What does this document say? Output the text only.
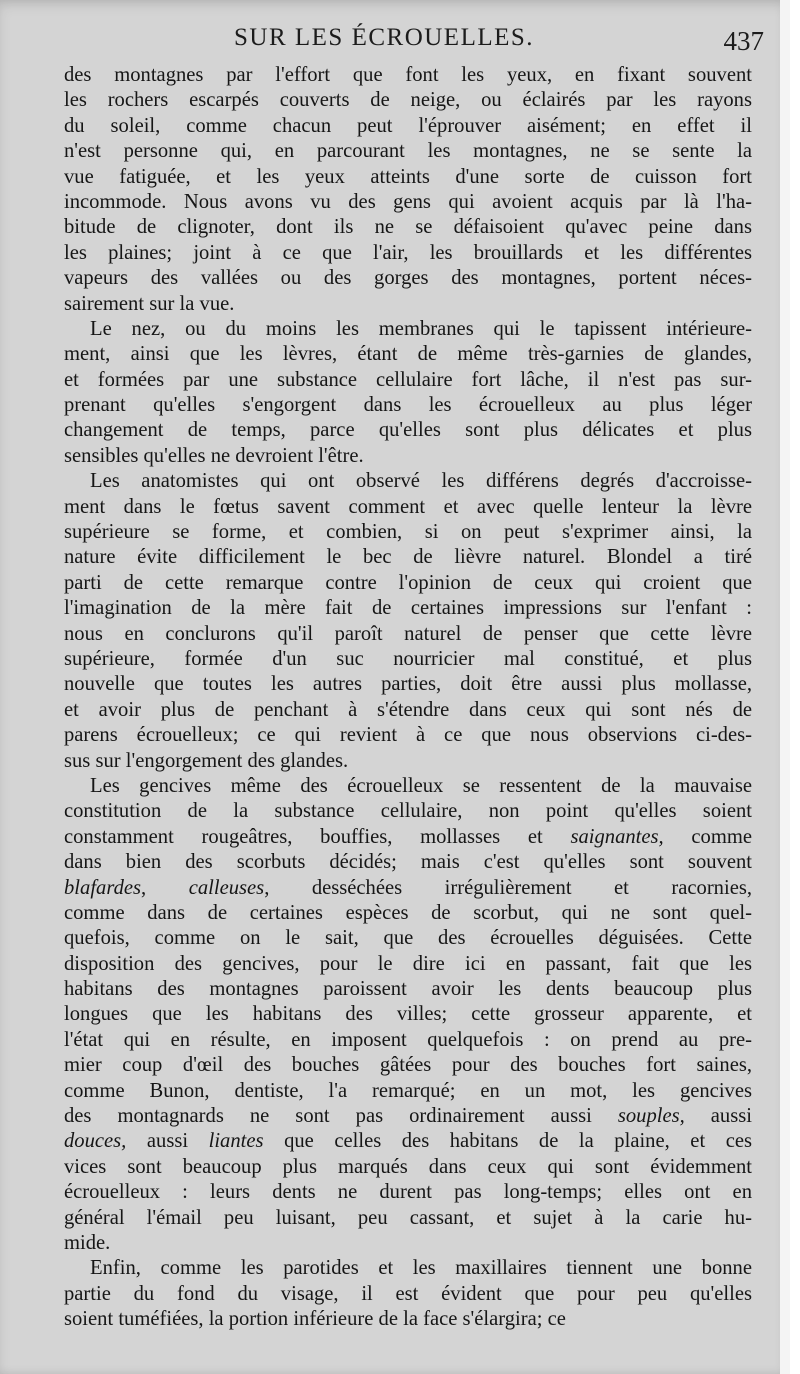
SUR LES ÉCROUELLES.	437
des montagnes par l'effort que font les yeux, en fixant souvent
les rochers escarpés couverts de neige, ou éclairés par les rayons
du soleil, comme chacun peut l'éprouver aisément; en effet il
n'est personne qui, en parcourant les montagnes, ne se sente la
vue fatiguée, et les yeux atteints d'une sorte de cuisson fort
incommode. Nous avons vu des gens qui avoient acquis par là l'ha-
bitude de clignoter, dont ils ne se défaisoient qu'avec peine dans
les plaines; joint à ce que l'air, les brouillards et les différentes
vapeurs des vallées ou des gorges des montagnes, portent néces-
sairement sur la vue.
Le nez, ou du moins les membranes qui le tapissent intérieure-
ment, ainsi que les lèvres, étant de même très-garnies de glandes,
et formées par une substance cellulaire fort lâche, il n'est pas sur-
prenant qu'elles s'engorgent dans les écrouelleux au plus léger
changement de temps, parce qu'elles sont plus délicates et plus
sensibles qu'elles ne devroient l'être.
Les anatomistes qui ont observé les différens degrés d'accroisse-
ment dans le fœtus savent comment et avec quelle lenteur la lèvre
supérieure se forme, et combien, si on peut s'exprimer ainsi, la
nature évite difficilement le bec de lièvre naturel. Blondel a tiré
parti de cette remarque contre l'opinion de ceux qui croient que
l'imagination de la mère fait de certaines impressions sur l'enfant :
nous en conclurons qu'il paroît naturel de penser que cette lèvre
supérieure, formée d'un suc nourricier mal constitué, et plus
nouvelle que toutes les autres parties, doit être aussi plus mollasse,
et avoir plus de penchant à s'étendre dans ceux qui sont nés de
parens écrouelleux; ce qui revient à ce que nous observions ci-des-
sus sur l'engorgement des glandes.
Les gencives même des écrouelleux se ressentent de la mauvaise
constitution de la substance cellulaire, non point qu'elles soient
constamment rougeâtres, bouffies, mollasses et saignantes, comme
dans bien des scorbuts décidés; mais c'est qu'elles sont souvent
blafardes, calleuses, desséchées irrégulièrement et racornies,
comme dans de certaines espèces de scorbut, qui ne sont quel-
quefois, comme on le sait, que des écrouelles déguisées. Cette
disposition des gencives, pour le dire ici en passant, fait que les
habitans des montagnes paroissent avoir les dents beaucoup plus
longues que les habitans des villes; cette grosseur apparente, et
l'état qui en résulte, en imposent quelquefois : on prend au pre-
mier coup d'œil des bouches gâtées pour des bouches fort saines,
comme Bunon, dentiste, l'a remarqué; en un mot, les gencives
des montagnards ne sont pas ordinairement aussi souples, aussi
douces, aussi liantes que celles des habitans de la plaine, et ces
vices sont beaucoup plus marqués dans ceux qui sont évidemment
écrouelleux : leurs dents ne durent pas long-temps; elles ont en
général l'émail peu luisant, peu cassant, et sujet à la carie hu-
mide.
Enfin, comme les parotides et les maxillaires tiennent une bonne
partie du fond du visage, il est évident que pour peu qu'elles
soient tuméfiées, la portion inférieure de la face s'élargira; ce
